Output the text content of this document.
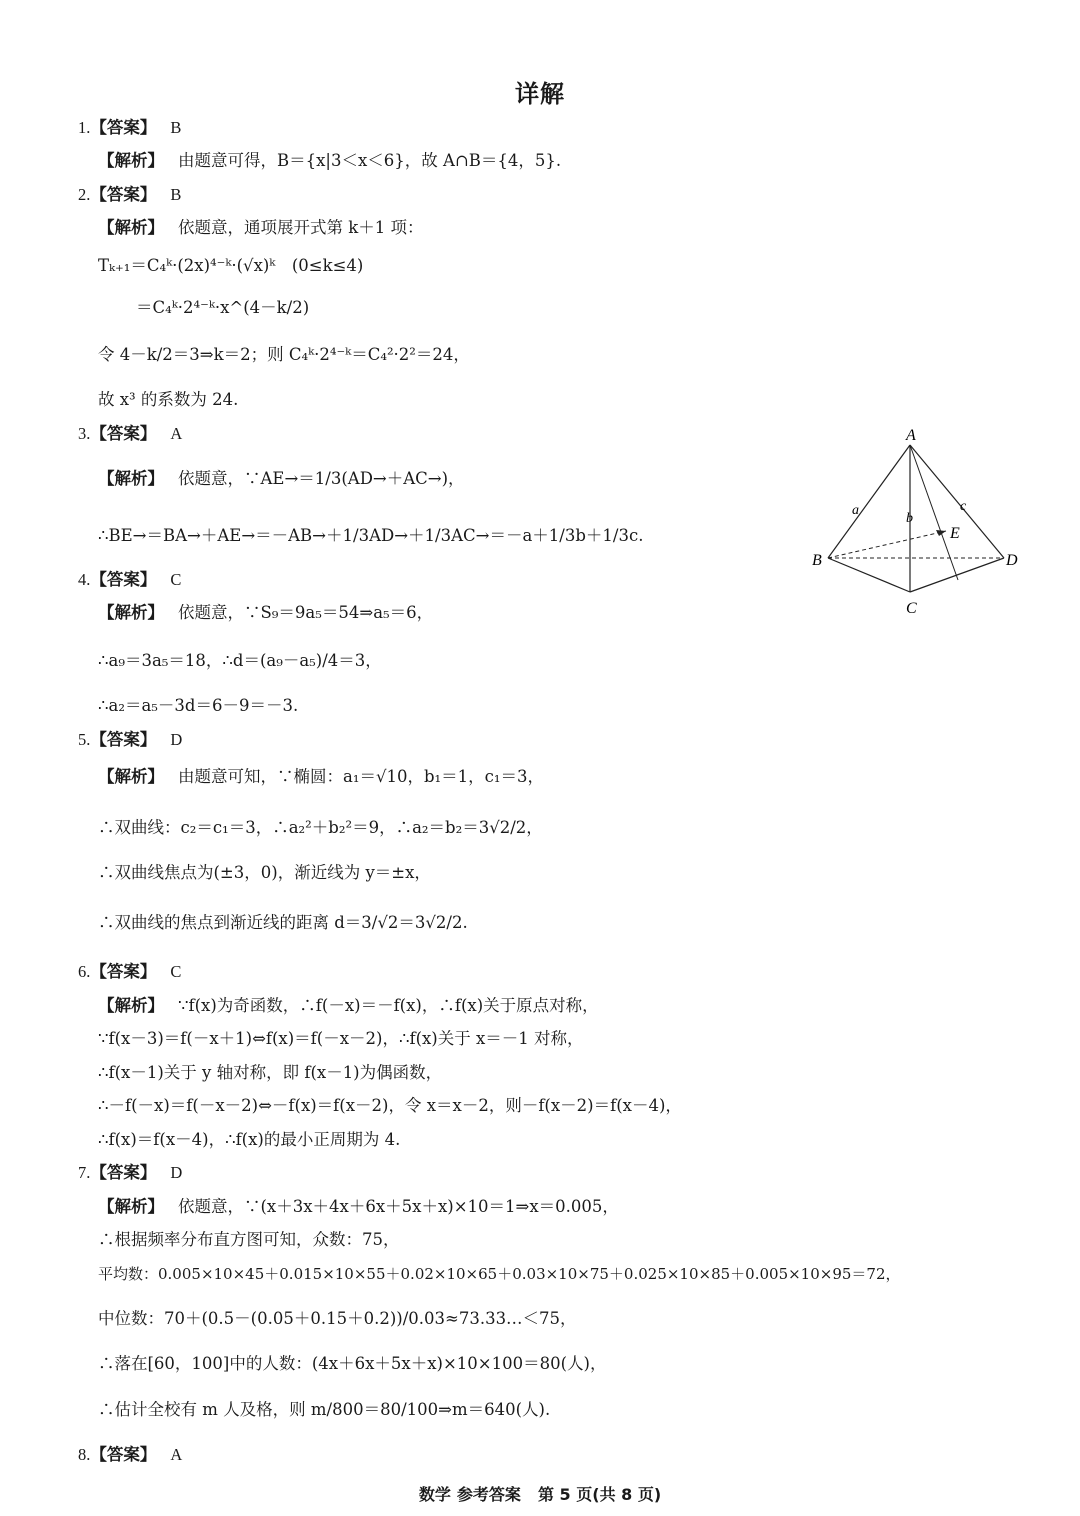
详解
1.【答案】 B
【解析】 由题意可得，B＝{x|3＜x＜6}，故 A∩B＝{4，5}.
2.【答案】 B
【解析】 依题意，通项展开式第 k＋1 项：
Tₖ₊₁＝C₄ᵏ·(2x)⁴⁻ᵏ·(√x)ᵏ　(0≤k≤4)
＝C₄ᵏ·2⁴⁻ᵏ·x^(4－k/2)
令 4－k/2＝3⇒k＝2；则 C₄ᵏ·2⁴⁻ᵏ＝C₄²·2²＝24，
故 x³ 的系数为 24.
3.【答案】 A
【解析】 依题意，∵AE→＝1/3(AD→＋AC→)，
∴BE→＝BA→＋AE→＝－AB→＋1/3AD→＋1/3AC→＝－a＋1/3b＋1/3c.
A
B
C
D
E
a
b
c
4.【答案】 C
【解析】 依题意，∵S₉＝9a₅＝54⇒a₅＝6，
∴a₉＝3a₅＝18，∴d＝(a₉－a₅)/4＝3，
∴a₂＝a₅－3d＝6－9＝－3.
5.【答案】 D
【解析】 由题意可知，∵椭圆：a₁＝√10，b₁＝1，c₁＝3，
∴双曲线：c₂＝c₁＝3，∴a₂²＋b₂²＝9，∴a₂＝b₂＝3√2/2，
∴双曲线焦点为(±3，0)，渐近线为 y＝±x，
∴双曲线的焦点到渐近线的距离 d＝3/√2＝3√2/2.
6.【答案】 C
【解析】 ∵f(x)为奇函数，∴f(－x)＝－f(x)，∴f(x)关于原点对称，
∵f(x－3)＝f(－x＋1)⇔f(x)＝f(－x－2)，∴f(x)关于 x＝－1 对称，
∴f(x－1)关于 y 轴对称，即 f(x－1)为偶函数，
∴－f(－x)＝f(－x－2)⇔－f(x)＝f(x－2)，令 x＝x－2，则－f(x－2)＝f(x－4)，
∴f(x)＝f(x－4)，∴f(x)的最小正周期为 4.
7.【答案】 D
【解析】 依题意，∵(x＋3x＋4x＋6x＋5x＋x)×10＝1⇒x＝0.005，
∴根据频率分布直方图可知，众数：75，
平均数：0.005×10×45＋0.015×10×55＋0.02×10×65＋0.03×10×75＋0.025×10×85＋0.005×10×95＝72，
中位数：70＋(0.5－(0.05＋0.15＋0.2))/0.03≈73.33…＜75，
∴落在[60，100]中的人数：(4x＋6x＋5x＋x)×10×100＝80(人)，
∴估计全校有 m 人及格，则 m/800＝80/100⇒m＝640(人).
8.【答案】 A
数学 参考答案 第 5 页(共 8 页)
